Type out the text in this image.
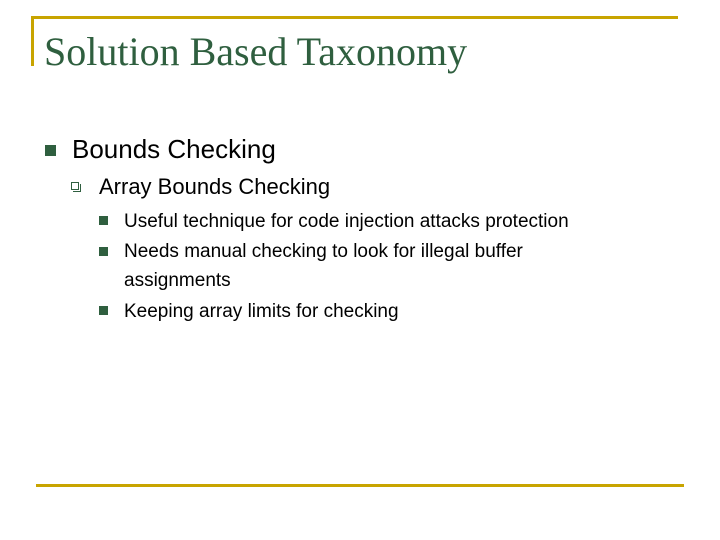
Solution Based Taxonomy
Bounds Checking
Array Bounds Checking
Useful technique for code injection attacks protection
Needs manual checking to look for illegal buffer
assignments
Keeping array limits for checking
